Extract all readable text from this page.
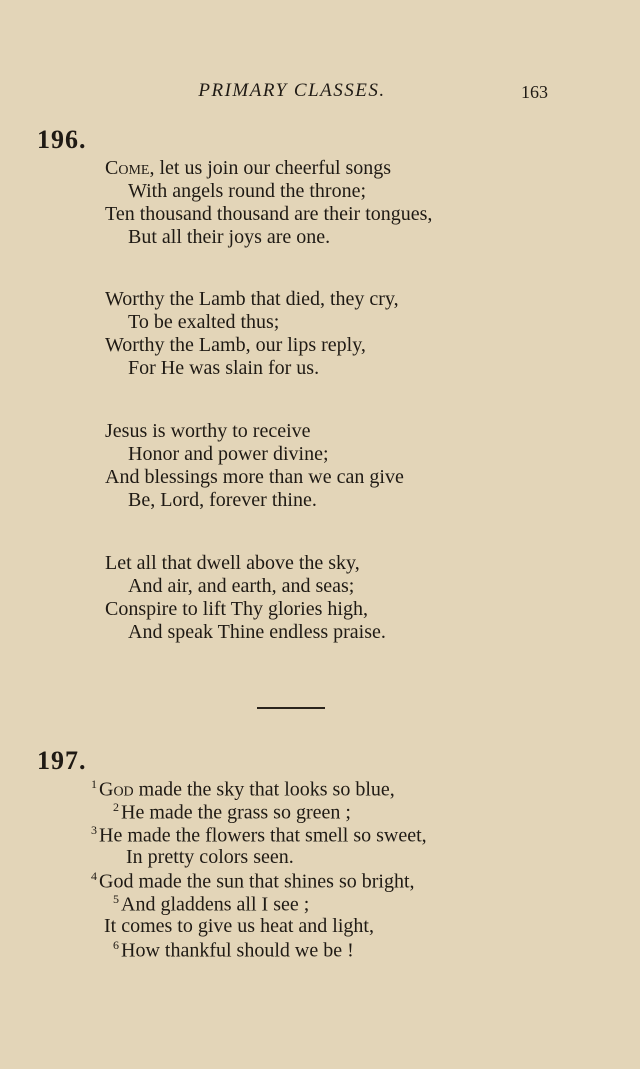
PRIMARY CLASSES.	163
196.
Come, let us join our cheerful songs
With angels round the throne;
Ten thousand thousand are their tongues,
But all their joys are one.
Worthy the Lamb that died, they cry,
To be exalted thus;
Worthy the Lamb, our lips reply,
For He was slain for us.
Jesus is worthy to receive
Honor and power divine;
And blessings more than we can give
Be, Lord, forever thine.
Let all that dwell above the sky,
And air, and earth, and seas;
Conspire to lift Thy glories high,
And speak Thine endless praise.
197.
$^1$ God made the sky that looks so blue,
$^2$ He made the grass so green ;
$^3$ He made the flowers that smell so sweet,
In pretty colors seen.
$^4$ God made the sun that shines so bright,
$^5$ And gladdens all I see ;
It comes to give us heat and light,
$^6$ How thankful should we be !
